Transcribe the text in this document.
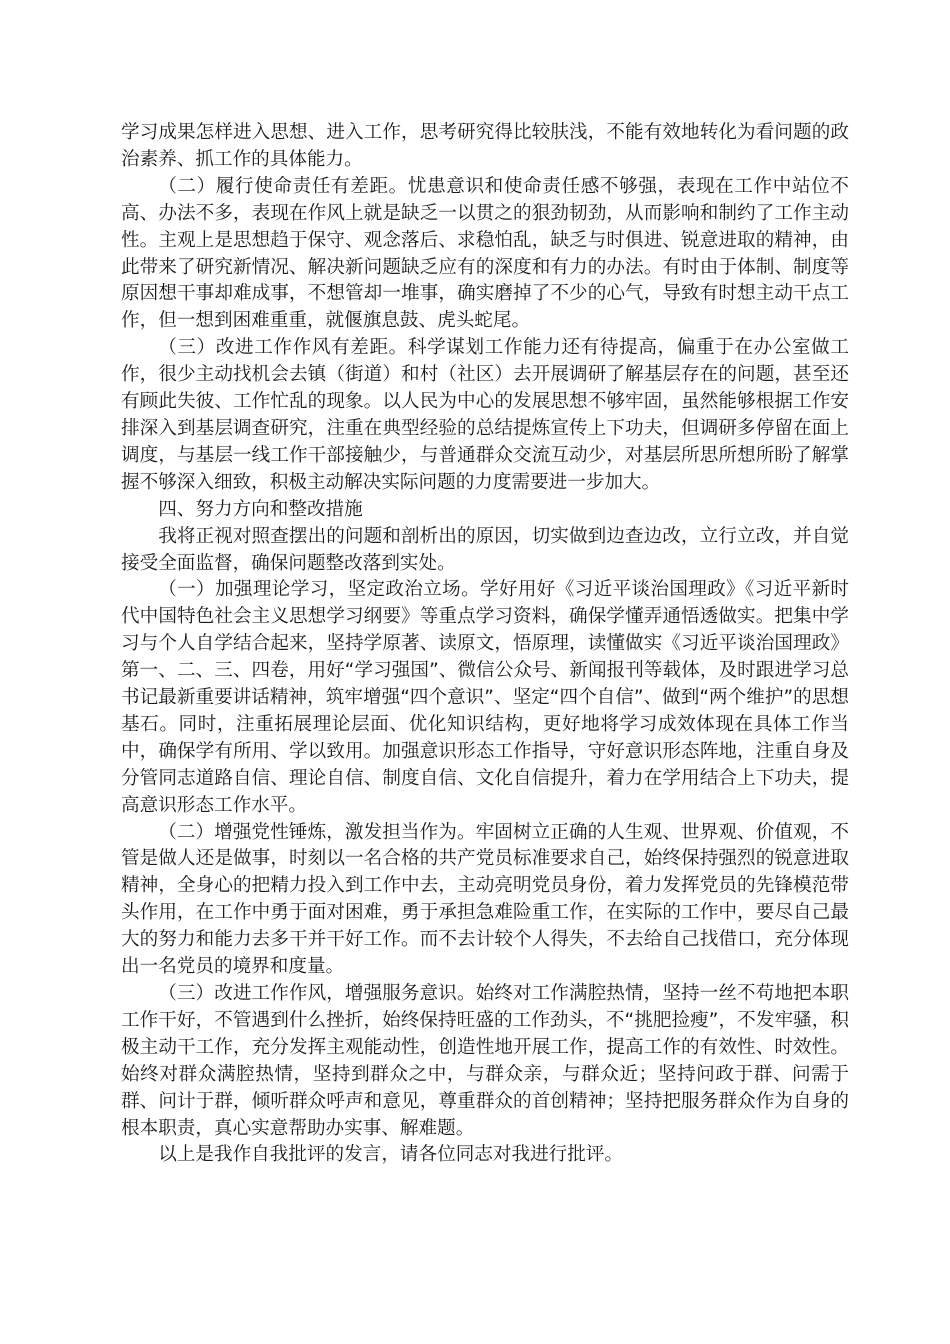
学习成果怎样进入思想、进入工作，思考研究得比较肤浅，不能有效地转化为看问题的政治素养、抓工作的具体能力。

（二）履行使命责任有差距。忧患意识和使命责任感不够强，表现在工作中站位不高、办法不多，表现在作风上就是缺乏一以贯之的狠劲韧劲，从而影响和制约了工作主动性。主观上是思想趋于保守、观念落后、求稳怕乱，缺乏与时俱进、锐意进取的精神，由此带来了研究新情况、解决新问题缺乏应有的深度和有力的办法。有时由于体制、制度等原因想干事却难成事，不想管却一堆事，确实磨掉了不少的心气，导致有时想主动干点工作，但一想到困难重重，就偃旗息鼓、虎头蛇尾。

（三）改进工作作风有差距。科学谋划工作能力还有待提高，偏重于在办公室做工作，很少主动找机会去镇（街道）和村（社区）去开展调研了解基层存在的问题，甚至还有顾此失彼、工作忙乱的现象。以人民为中心的发展思想不够牢固，虽然能够根据工作安排深入到基层调查研究，注重在典型经验的总结提炼宣传上下功夫，但调研多停留在面上调度，与基层一线工作干部接触少，与普通群众交流互动少，对基层所思所想所盼了解掌握不够深入细致，积极主动解决实际问题的力度需要进一步加大。

四、努力方向和整改措施

我将正视对照查摆出的问题和剖析出的原因，切实做到边查边改，立行立改，并自觉接受全面监督，确保问题整改落到实处。

（一）加强理论学习，坚定政治立场。学好用好《习近平谈治国理政》《习近平新时代中国特色社会主义思想学习纲要》等重点学习资料，确保学懂弄通悟透做实。把集中学习与个人自学结合起来，坚持学原著、读原文，悟原理，读懂做实《习近平谈治国理政》第一、二、三、四卷，用好“学习强国”、微信公众号、新闻报刊等载体，及时跟进学习总书记最新重要讲话精神，筑牢增强“四个意识”、坚定“四个自信”、做到“两个维护”的思想基石。同时，注重拓展理论层面、优化知识结构，更好地将学习成效体现在具体工作当中，确保学有所用、学以致用。加强意识形态工作指导，守好意识形态阵地，注重自身及分管同志道路自信、理论自信、制度自信、文化自信提升，着力在学用结合上下功夫，提高意识形态工作水平。

（二）增强党性锤炼，激发担当作为。牢固树立正确的人生观、世界观、价值观，不管是做人还是做事，时刻以一名合格的共产党员标准要求自己，始终保持强烈的锐意进取精神，全身心的把精力投入到工作中去，主动亮明党员身份，着力发挥党员的先锋模范带头作用，在工作中勇于面对困难，勇于承担急难险重工作，在实际的工作中，要尽自己最大的努力和能力去多干并干好工作。而不去计较个人得失，不去给自己找借口，充分体现出一名党员的境界和度量。

（三）改进工作作风，增强服务意识。始终对工作满腔热情，坚持一丝不苟地把本职工作干好，不管遇到什么挫折，始终保持旺盛的工作劲头，不“挑肥捡瘦”，不发牢骚，积极主动干工作，充分发挥主观能动性，创造性地开展工作，提高工作的有效性、时效性。始终对群众满腔热情，坚持到群众之中，与群众亲，与群众近；坚持问政于群、问需于群、问计于群，倾听群众呼声和意见，尊重群众的首创精神；坚持把服务群众作为自身的根本职责，真心实意帮助办实事、解难题。

以上是我作自我批评的发言，请各位同志对我进行批评。
